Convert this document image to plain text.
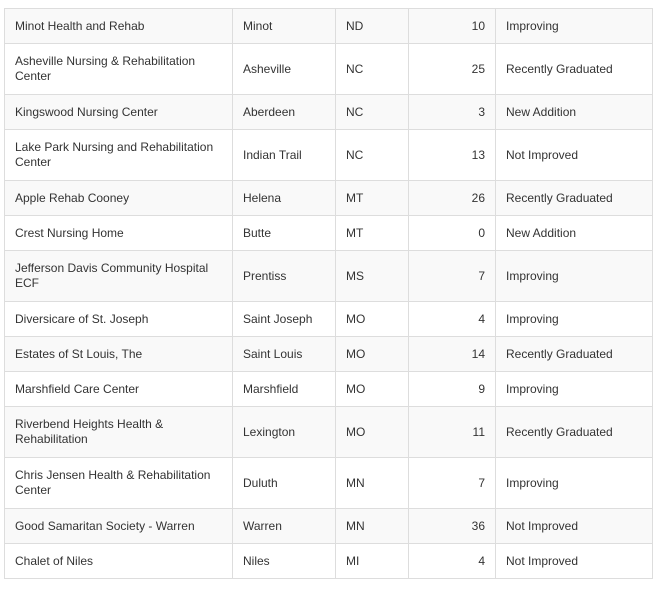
Minot Health and Rehab	Minot	ND	10	Improving
Asheville Nursing & Rehabilitation Center	Asheville	NC	25	Recently Graduated
Kingswood Nursing Center	Aberdeen	NC	3	New Addition
Lake Park Nursing and Rehabilitation Center	Indian Trail	NC	13	Not Improved
Apple Rehab Cooney	Helena	MT	26	Recently Graduated
Crest Nursing Home	Butte	MT	0	New Addition
Jefferson Davis Community Hospital ECF	Prentiss	MS	7	Improving
Diversicare of St. Joseph	Saint Joseph	MO	4	Improving
Estates of St Louis, The	Saint Louis	MO	14	Recently Graduated
Marshfield Care Center	Marshfield	MO	9	Improving
Riverbend Heights Health & Rehabilitation	Lexington	MO	11	Recently Graduated
Chris Jensen Health & Rehabilitation Center	Duluth	MN	7	Improving
Good Samaritan Society - Warren	Warren	MN	36	Not Improved
Chalet of Niles	Niles	MI	4	Not Improved
